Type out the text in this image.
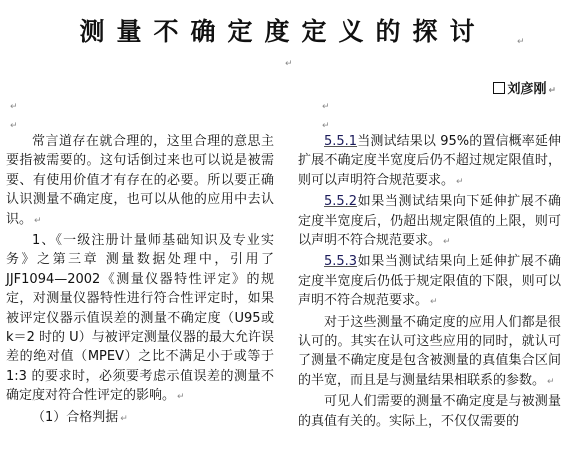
测量不确定度定义的探讨	↵
↵
刘彦刚 ↵
↵
↵
↵
↵

常言道存在就合理的，这里合理的意思主要指被需要的。这句话倒过来也可以说是被需要、有使用价值才有存在的必要。所以要正确认识测量不确定度，也可以从他的应用中去认识。 ↵

1、《一级注册计量师基础知识及专业实务》之第三章 测量数据处理中，引用了JJF1094—2002《测量仪器特性评定》的规定，对测量仪器特性进行符合性评定时，如果被评定仪器示值误差的测量不确定度（U95或 k＝2 时的 U）与被评定测量仪器的最大允许误差的绝对值（MPEV）之比不满足小于或等于 1:3 的要求时，必须要考虑示值误差的测量不确定度对符合性评定的影响。 ↵

（1）合格判据 ↵

5.5.1当测试结果以 95%的置信概率延伸扩展不确定度半宽度后仍不超过规定限值时，则可以声明符合规范要求。 ↵

5.5.2如果当测试结果向下延伸扩展不确定度半宽度后，仍超出规定限值的上限，则可以声明不符合规范要求。 ↵

5.5.3如果当测试结果向上延伸扩展不确定度半宽度后仍低于规定限值的下限，则可以声明不符合规范要求。 ↵

对于这些测量不确定度的应用人们都是很认可的。其实在认可这些应用的同时，就认可了测量不确定度是包含被测量的真值集合区间的半宽，而且是与测量结果相联系的参数。 ↵

可见人们需要的测量不确定度是与被测量的真值有关的。实际上，不仅仅需要的
